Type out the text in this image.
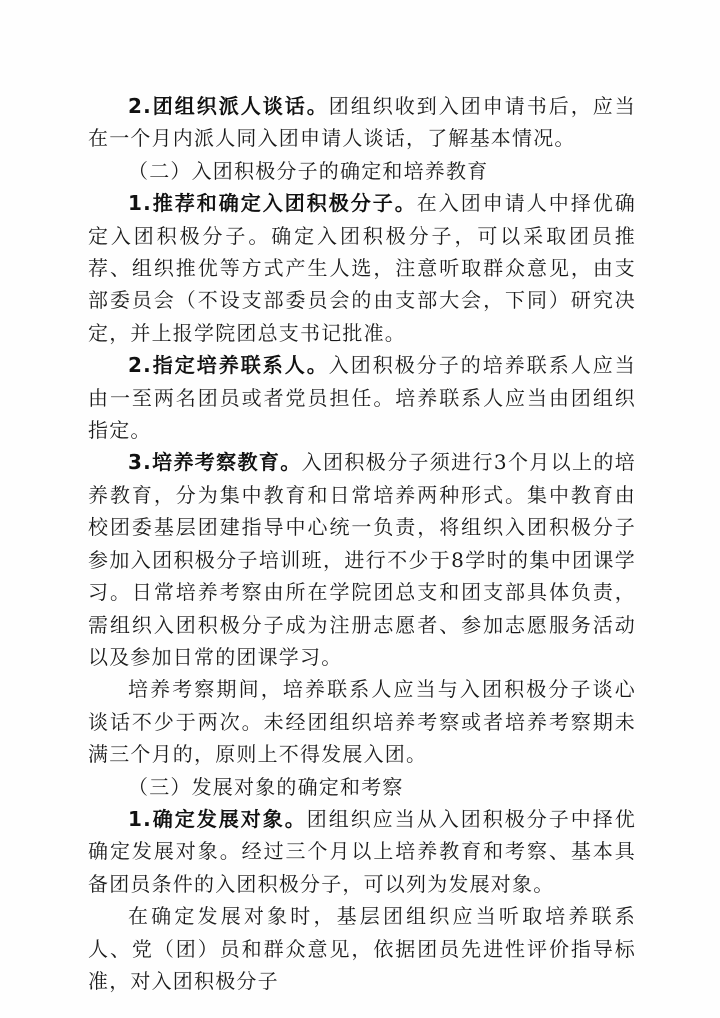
2.团组织派人谈话。团组织收到入团申请书后，应当在一个月内派人同入团申请人谈话，了解基本情况。

（二）入团积极分子的确定和培养教育

1.推荐和确定入团积极分子。在入团申请人中择优确定入团积极分子。确定入团积极分子，可以采取团员推荐、组织推优等方式产生人选，注意听取群众意见，由支部委员会（不设支部委员会的由支部大会，下同）研究决定，并上报学院团总支书记批准。

2.指定培养联系人。入团积极分子的培养联系人应当由一至两名团员或者党员担任。培养联系人应当由团组织指定。

3.培养考察教育。入团积极分子须进行3个月以上的培养教育，分为集中教育和日常培养两种形式。集中教育由校团委基层团建指导中心统一负责，将组织入团积极分子参加入团积极分子培训班，进行不少于8学时的集中团课学习。日常培养考察由所在学院团总支和团支部具体负责，需组织入团积极分子成为注册志愿者、参加志愿服务活动以及参加日常的团课学习。

培养考察期间，培养联系人应当与入团积极分子谈心谈话不少于两次。未经团组织培养考察或者培养考察期未满三个月的，原则上不得发展入团。

（三）发展对象的确定和考察

1.确定发展对象。团组织应当从入团积极分子中择优确定发展对象。经过三个月以上培养教育和考察、基本具备团员条件的入团积极分子，可以列为发展对象。

在确定发展对象时，基层团组织应当听取培养联系人、党（团）员和群众意见，依据团员先进性评价指导标准，对入团积极分子
